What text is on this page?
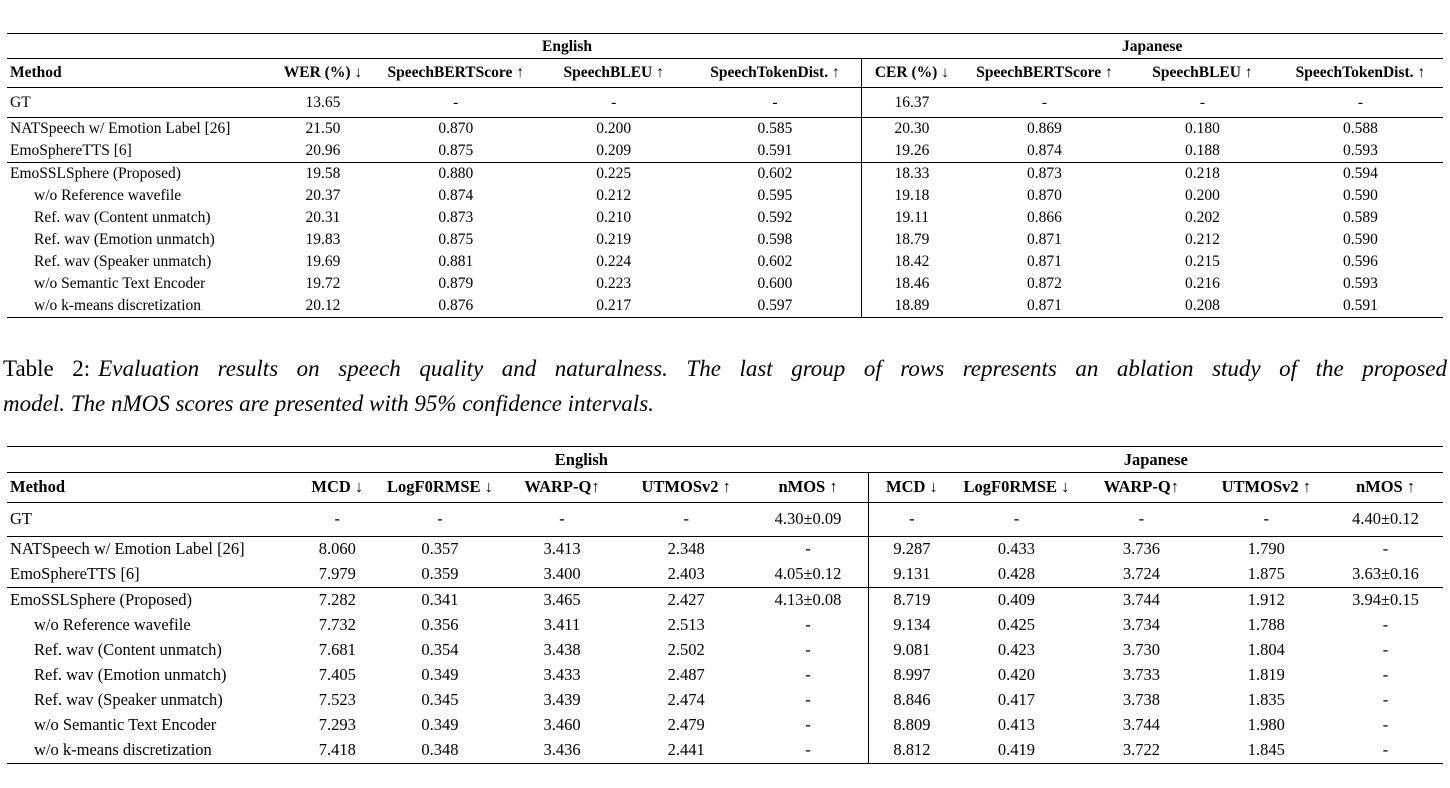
	English				Japanese			
Method	WER (%) ↓	SpeechBERTScore ↑	SpeechBLEU ↑	SpeechTokenDist. ↑	CER (%) ↓	SpeechBERTScore ↑	SpeechBLEU ↑	SpeechTokenDist. ↑
GT	13.65	-	-	-	16.37	-	-	-
NATSpeech w/ Emotion Label [26]	21.50	0.870	0.200	0.585	20.30	0.869	0.180	0.588
EmoSphereTTS [6]	20.96	0.875	0.209	0.591	19.26	0.874	0.188	0.593
EmoSSLSphere (Proposed)	19.58	0.880	0.225	0.602	18.33	0.873	0.218	0.594
w/o Reference wavefile	20.37	0.874	0.212	0.595	19.18	0.870	0.200	0.590
Ref. wav (Content unmatch)	20.31	0.873	0.210	0.592	19.11	0.866	0.202	0.589
Ref. wav (Emotion unmatch)	19.83	0.875	0.219	0.598	18.79	0.871	0.212	0.590
Ref. wav (Speaker unmatch)	19.69	0.881	0.224	0.602	18.42	0.871	0.215	0.596
w/o Semantic Text Encoder	19.72	0.879	0.223	0.600	18.46	0.872	0.216	0.593
w/o k-means discretization	20.12	0.876	0.217	0.597	18.89	0.871	0.208	0.591
Table 2: Evaluation results on speech quality and naturalness. The last group of rows represents an ablation study of the proposed
model. The nMOS scores are presented with 95% confidence intervals.
	English					Japanese				
Method	MCD ↓	LogF0RMSE ↓	WARP-Q↑	UTMOSv2 ↑	nMOS ↑	MCD ↓	LogF0RMSE ↓	WARP-Q↑	UTMOSv2 ↑	nMOS ↑
GT	-	-	-	-	4.30±0.09	-	-	-	-	4.40±0.12
NATSpeech w/ Emotion Label [26]	8.060	0.357	3.413	2.348	-	9.287	0.433	3.736	1.790	-
EmoSphereTTS [6]	7.979	0.359	3.400	2.403	4.05±0.12	9.131	0.428	3.724	1.875	3.63±0.16
EmoSSLSphere (Proposed)	7.282	0.341	3.465	2.427	4.13±0.08	8.719	0.409	3.744	1.912	3.94±0.15
w/o Reference wavefile	7.732	0.356	3.411	2.513	-	9.134	0.425	3.734	1.788	-
Ref. wav (Content unmatch)	7.681	0.354	3.438	2.502	-	9.081	0.423	3.730	1.804	-
Ref. wav (Emotion unmatch)	7.405	0.349	3.433	2.487	-	8.997	0.420	3.733	1.819	-
Ref. wav (Speaker unmatch)	7.523	0.345	3.439	2.474	-	8.846	0.417	3.738	1.835	-
w/o Semantic Text Encoder	7.293	0.349	3.460	2.479	-	8.809	0.413	3.744	1.980	-
w/o k-means discretization	7.418	0.348	3.436	2.441	-	8.812	0.419	3.722	1.845	-
